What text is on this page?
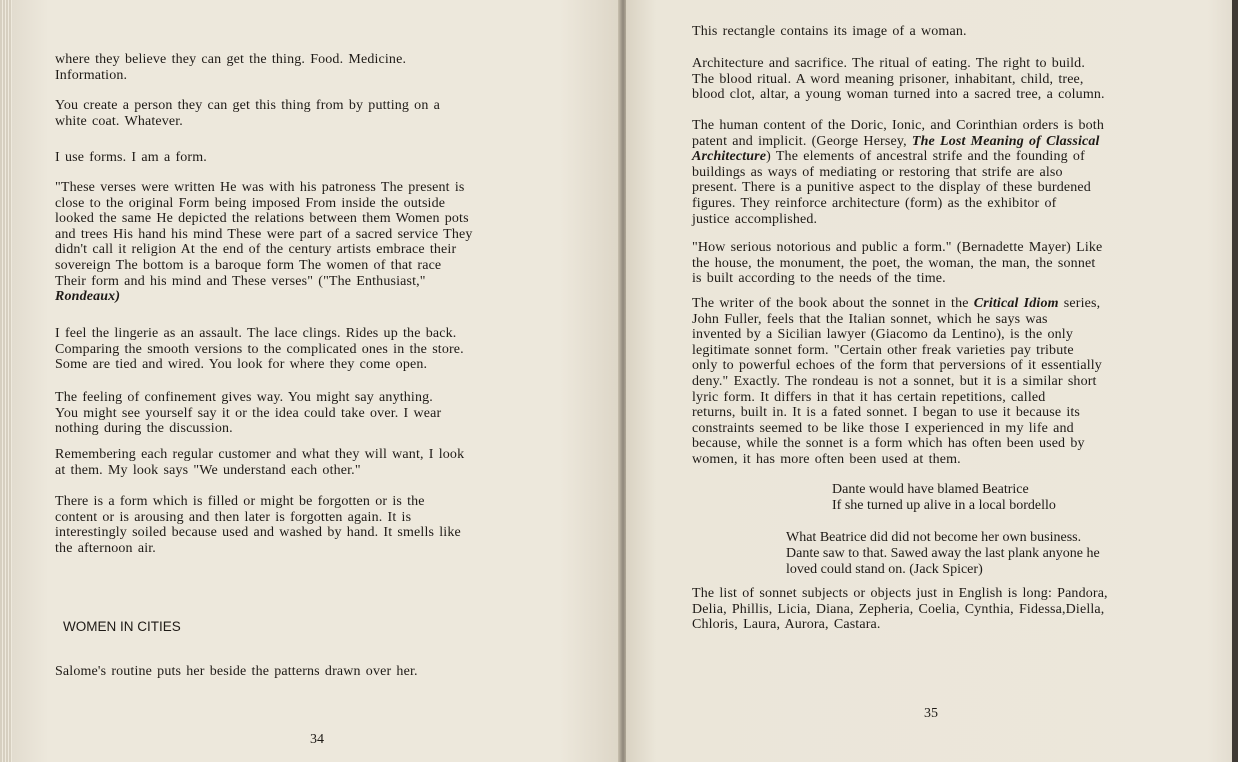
where they believe they can get the thing. Food. Medicine.
Information.

You create a person they can get this thing from by putting on a
white coat. Whatever.

I use forms. I am a form.

"These verses were written He was with his patroness The present is
close to the original Form being imposed From inside the outside
looked the same He depicted the relations between them Women pots
and trees His hand his mind These were part of a sacred service They
didn't call it religion At the end of the century artists embrace their
sovereign The bottom is a baroque form The women of that race
Their form and his mind and These verses" ("The Enthusiast,"

Rondeaux)

I feel the lingerie as an assault. The lace clings. Rides up the back.
Comparing the smooth versions to the complicated ones in the store.
Some are tied and wired. You look for where they come open.

The feeling of confinement gives way. You might say anything.
You might see yourself say it or the idea could take over. I wear
nothing during the discussion.

Remembering each regular customer and what they will want, I look
at them. My look says "We understand each other."

There is a form which is filled or might be forgotten or is the
content or is arousing and then later is forgotten again. It is
interestingly soiled because used and washed by hand. It smells like
the afternoon air.

WOMEN IN CITIES

Salome's routine puts her beside the patterns drawn over her.

34

This rectangle contains its image of a woman.

Architecture and sacrifice. The ritual of eating. The right to build.
The blood ritual. A word meaning prisoner, inhabitant, child, tree,
blood clot, altar, a young woman turned into a sacred tree, a column.

The human content of the Doric, Ionic, and Corinthian orders is both

patent and implicit. (George Hersey, The Lost Meaning of Classical
Architecture) The elements of ancestral strife and the founding of
buildings as ways of mediating or restoring that strife are also
present. There is a punitive aspect to the display of these burdened
figures. They reinforce architecture (form) as the exhibitor of
justice accomplished.

"How serious notorious and public a form." (Bernadette Mayer) Like
the house, the monument, the poet, the woman, the man, the sonnet
is built according to the needs of the time.

The writer of the book about the sonnet in the Critical Idiom series,
John Fuller, feels that the Italian sonnet, which he says was

invented by a Sicilian lawyer (Giacomo da Lentino), is the only
legitimate sonnet form. "Certain other freak varieties pay tribute
only to powerful echoes of the form that perversions of it essentially
deny." Exactly. The rondeau is not a sonnet, but it is a similar short
lyric form. It differs in that it has certain repetitions, called
returns, built in. It is a fated sonnet. I began to use it because its
constraints seemed to be like those I experienced in my life and
because, while the sonnet is a form which has often been used by
women, it has more often been used at them.

Dante would have blamed Beatrice
If she turned up alive in a local bordello

What Beatrice did did not become her own business.
Dante saw to that. Sawed away the last plank anyone he
loved could stand on. (Jack Spicer)

The list of sonnet subjects or objects just in English is long: Pandora,
Delia, Phillis, Licia, Diana, Zepheria, Coelia, Cynthia, Fidessa,Diella,
Chloris, Laura, Aurora, Castara.

35
